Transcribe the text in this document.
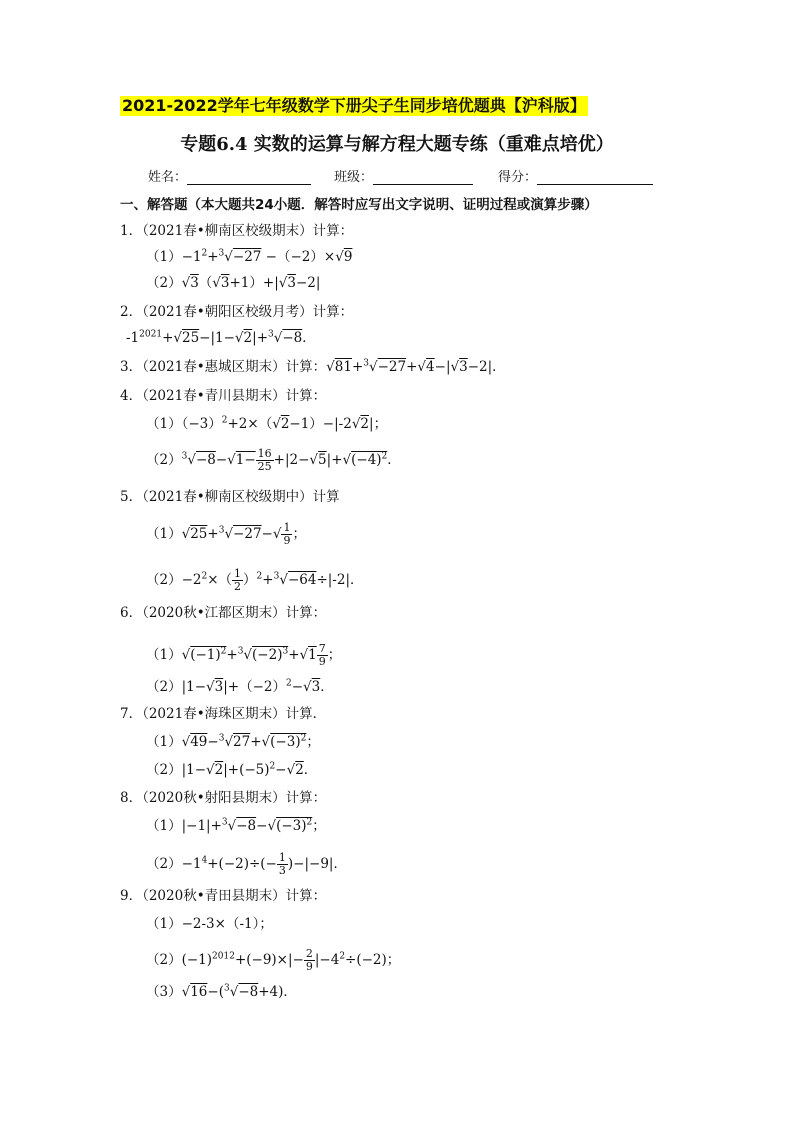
2021-2022学年七年级数学下册尖子生同步培优题典【沪科版】
专题6.4 实数的运算与解方程大题专练（重难点培优）
姓名：	班级：	得分：
一、解答题（本大题共24小题．解答时应写出文字说明、证明过程或演算步骤）
1．（2021春•柳南区校级期末）计算：
$(1)-1^2+^3√-27 -(-2)\times√9$
（2）√3（√3+1）+|√3−2|
2．（2021春•朝阳区校级月考）计算：
$-1^{2021}+√25-|1-√2|+^3√-8$．
3．（2021春•惠城区期末）计算：√81+$^3$√−27+√4−|√3−2|．
4．（2021春•青川县期末）计算：
$(1)(-3)^2+2\times(√2-1)-|-2√2|$；
$(2)^3√-8-√1- \frac{16}{25} +|2-√5|+√(-4)^2$．
5．（2021春•柳南区校级期中）计算
$(1)√25+^3√-27-√ \frac{1}{9}$ ；
$(2)-2^2\times( \frac{1}{2} )^2+^3√-64\div|-2|$．
6．（2020秋•江都区期末）计算：
$(1)√(-1)^2+^3√(-2)^3+√1 \frac{7}{9}$ ；
$(2)|1-√3|+(-2)^2-√3$．
7．（2021春•海珠区期末）计算．
$(1)√49-^3√27+√(-3)^2$；
$(2)|1-√2|+(-5)^2-√2$．
8．（2020秋•射阳县期末）计算：
$(1)|-1|+^3√-8-√(-3)^2$；
$(2)-1^4+(-2)\div(- \frac{1}{3} )-|-9|$．
9．（2020秋•青田县期末）计算：
（1）−2-3×（-1）；
$(2)(-1)^{2012}+(-9)\times|- \frac{2}{9} |-4^2\div(-2)$；
（3）√16−($^3$√−8+4)．
